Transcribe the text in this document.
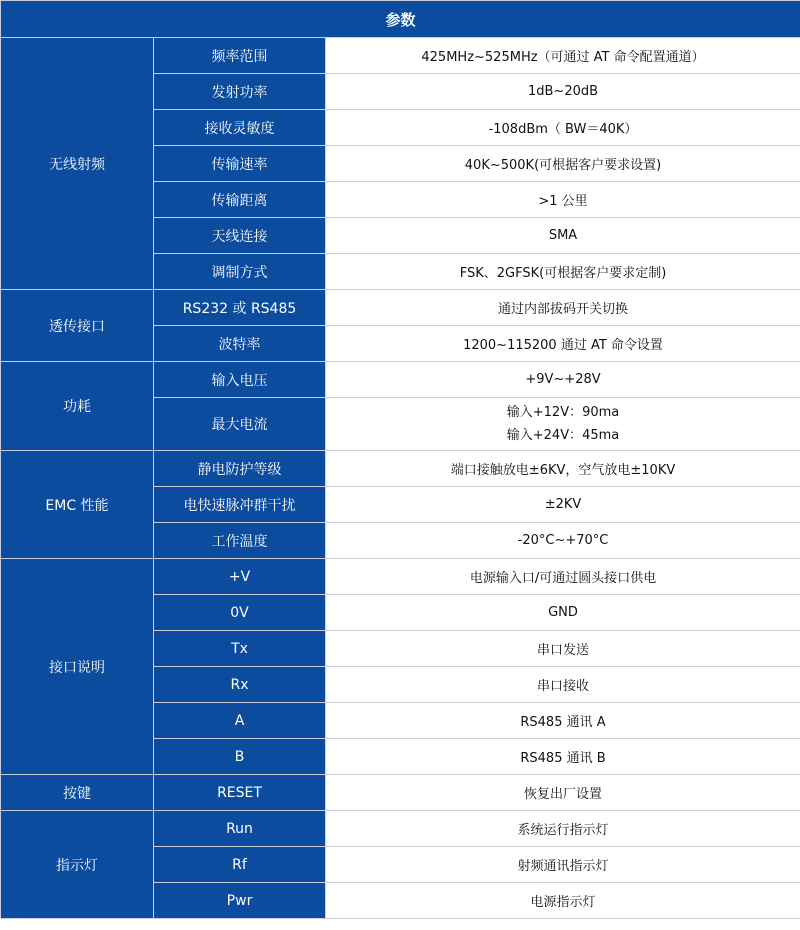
参数		
无线射频	频率范围	425MHz~525MHz（可通过 AT 命令配置通道）
	发射功率	1dB~20dB
	接收灵敏度	-108dBm（ BW＝40K）
	传输速率	40K~500K(可根据客户要求设置)
	传输距离	>1 公里
	天线连接	SMA
	调制方式	FSK、2GFSK(可根据客户要求定制)
透传接口	RS232 或 RS485	通过内部拔码开关切换
	波特率	1200~115200 通过 AT 命令设置
功耗	输入电压	+9V~+28V
	最大电流	输入+12V：90ma
输入+24V：45ma

EMC 性能	静电防护等级	端口接触放电±6KV，空气放电±10KV
	电快速脉冲群干扰	±2KV
	工作温度	-20°C~+70°C
接口说明	+V	电源输入口/可通过圆头接口供电
	0V	GND
	Tx	串口发送
	Rx	串口接收
	A	RS485 通讯 A
	B	RS485 通讯 B
按键	RESET	恢复出厂设置
指示灯	Run	系统运行指示灯
	Rf	射频通讯指示灯
	Pwr	电源指示灯
